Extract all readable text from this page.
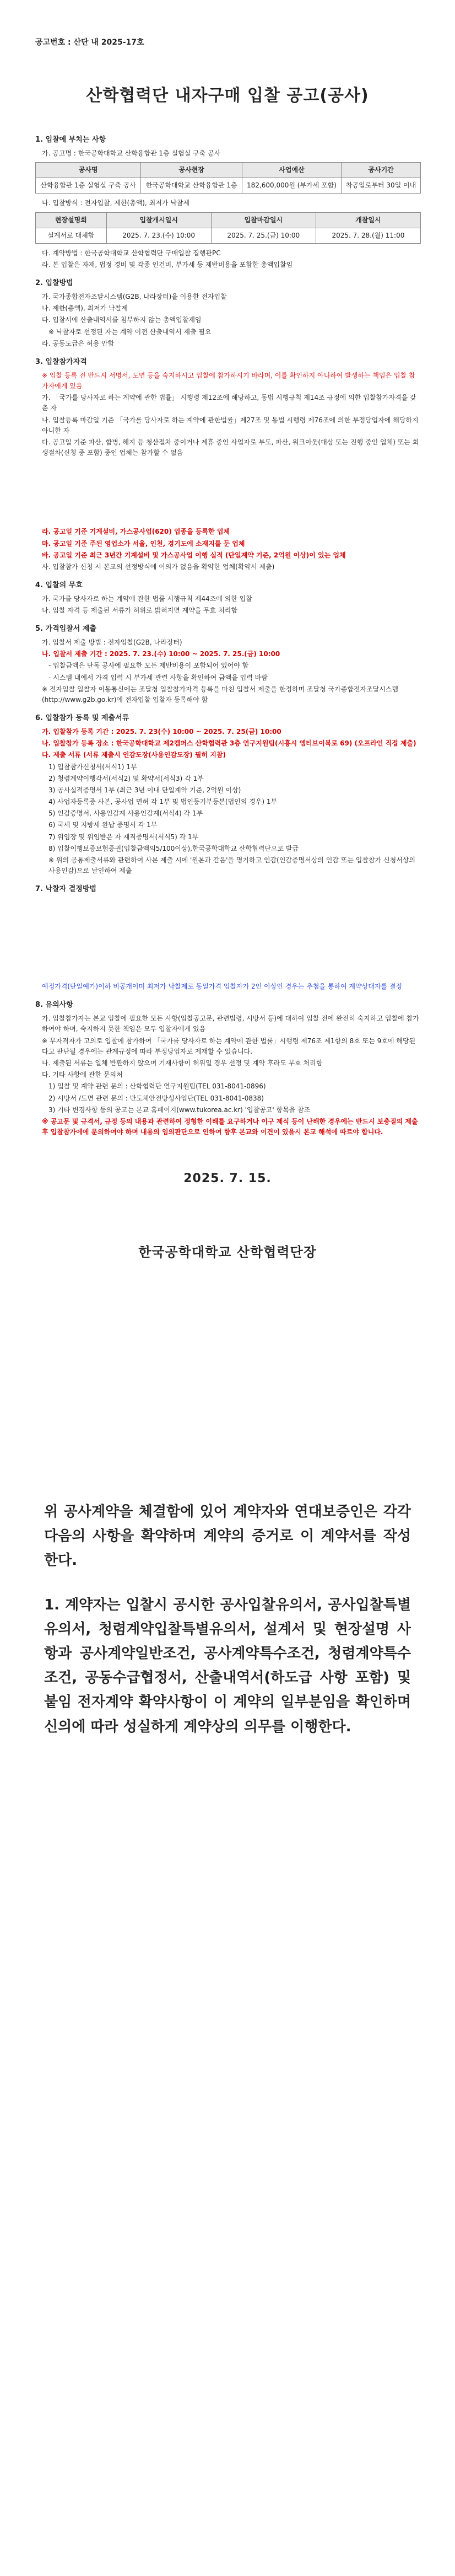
공고번호 : 산단 내 2025-17호
산학협력단 내자구매 입찰 공고(공사)
1. 입찰에 부치는 사항
가. 공고명 : 한국공학대학교 산학융합관 1층 실험실 구축 공사
공사명	공사현장	사업예산	공사기간
산학융합관 1층 실험실 구축 공사	한국공학대학교 산학융합관 1층	182,600,000원 (부가세 포함)	착공일로부터 30일 이내
나. 입찰방식 : 전자입찰, 제한(총액), 최저가 낙찰제
현장설명회	입찰개시일시	입찰마감일시	개찰일시
설계서로 대체함	2025. 7. 23.(수) 10:00	2025. 7. 25.(금) 10:00	2025. 7. 28.(월) 11:00
다. 계약방법 : 한국공학대학교 산학협력단 구매입찰 집행관PC
라. 본 입찰은 자재, 법정 경비 및 각종 인건비, 부가세 등 제반비용을 포함한 총액입찰임
2. 입찰방법
가. 국가종합전자조달시스템(G2B, 나라장터)을 이용한 전자입찰
나. 제한(총액), 최저가 낙찰제
다. 입찰서에 산출내역서를 첨부하지 않는 총액입찰제임
※ 낙찰자로 선정된 자는 계약 이전 산출내역서 제출 필요
라. 공동도급은 허용 안함
3. 입찰참가자격
※ 입찰 등록 전 반드시 서명서, 도면 등을 숙지하시고 입찰에 참가하시기 바라며, 이를 확인하지 아니하여 발생하는 책임은 입찰 참가자에게 있음
가. 「국가를 당사자로 하는 계약에 관한 법률」 시행령 제12조에 해당하고, 동법 시행규칙 제14조 규정에 의한 입찰참가자격을 갖춘 자
나. 입찰등록 마감일 기준 「국가를 당사자로 하는 계약에 관한법률」제27조 및 동법 시행령 제76조에 의한 부정당업자에 해당하지 아니한 자
다. 공고일 기준 파산, 합병, 해지 등 청산절차 중이거나 제휴 중인 사업자로 부도, 파산, 워크아웃(대상 또는 진행 중인 업체) 또는 회생절차(신청 중 포함) 중인 업체는 참가할 수 없음
라. 공고일 기준 기계설비, 가스공사업(620) 업종을 등록한 업체
마. 공고일 기준 주된 영업소가 서울, 인천, 경기도에 소재지를 둔 업체
바. 공고일 기준 최근 3년간 기계설비 및 가스공사업 이행 실적 (단일계약 기준, 2억원 이상)이 있는 업체
사. 입찰참가 신청 시 본교의 선정방식에 이의가 없음을 확약한 업체(확약서 제출)
4. 입찰의 무효
가. 국가를 당사자로 하는 계약에 관한 법률 시행규칙 제44조에 의한 입찰
나. 입찰 자격 등 제출된 서류가 허위로 밝혀지면 계약을 무효 처리함
5. 가격입찰서 제출
가. 입찰서 제출 방법 : 전자입찰(G2B, 나라장터)
나. 입찰서 제출 기간 : 2025. 7. 23.(수) 10:00 ~ 2025. 7. 25.(금) 10:00
- 입찰금액은 단독 공사에 필요한 모든 제반비용이 포함되어 있어야 함
- 시스템 내에서 가격 입력 시 부가세 관련 사항을 확인하여 금액을 입력 바람
※ 전자입찰 입찰자 이동통신에는 조달청 입찰참가자격 등록을 마친 입찰서 제출을 한정하며 조달청 국가종합전자조달시스템(http://www.g2b.go.kr)에 전자입찰 입찰자 등록해야 함
6. 입찰참가 등록 및 제출서류
가. 입찰참가 등록 기간 : 2025. 7. 23(수) 10:00 ~ 2025. 7. 25(금) 10:00
나. 입찰참가 등록 장소 : 한국공학대학교 제2캠퍼스 산학협력관 3층 연구지원팀(시흥시 엠티브이북로 69) (오프라인 직접 제출)
다. 제출 서류 (서류 제출시 인감도장(사용인감도장) 필히 지참)
1) 입찰참가신청서(서식1) 1부
2) 청렴계약이행각서(서식2) 및 확약서(서식3) 각 1부
3) 공사실적증명서 1부 (최근 3년 이내 단일계약 기준, 2억원 이상)
4) 사업자등록증 사본, 공사업 면허 각 1부 및 법인등기부등본(법인의 경우) 1부
5) 인감증명서, 사용인감계 사용인감계(서식4) 각 1부
6) 국세 및 지방세 완납 증명서 각 1부
7) 위임장 및 위임받은 자 재직증명서(서식5) 각 1부
8) 입찰이행보증보험증권(입찰금액의5/100이상),한국공학대학교 산학협력단으로 발급
※ 위의 공통제출서류와 관련하여 사본 제출 시에 '원본과 같음'을 명기하고 인감(인감증명서상의 인감 또는 입찰참가 신청서상의 사용인감)으로 날인하여 제출
7. 낙찰자 결정방법
예정가격(단일예가)이하 비공개이며 최저가 낙찰제로 동일가격 입찰자가 2인 이상인 경우는 추첨을 통하여 계약상대자를 결정
8. 유의사항
가. 입찰참가자는 본교 입찰에 필요한 모든 사항(입찰공고문, 관련법령, 시방서 등)에 대하여 입찰 전에 완전히 숙지하고 입찰에 참가하여야 하며, 숙지하지 못한 책임은 모두 입찰자에게 있음
※ 무자격자가 고의로 입찰에 참가하여 「국가를 당사자로 하는 계약에 관한 법률」시행령 제76조 제1항의 8호 또는 9호에 해당된다고 판단될 경우에는 관계규정에 따라 부정당업자로 제재할 수 있습니다.
나. 제출된 서류는 일체 반환하지 않으며 기재사항이 허위일 경우 선정 및 계약 후라도 무효 처리함
다. 기타 사항에 관한 문의처
1) 입찰 및 계약 관련 문의 : 산학협력단 연구지원팀(TEL 031-8041-0896)
2) 시방서 /도면 관련 문의 : 반도체안전방성사업단(TEL 031-8041-0838)
3) 기타 변경사항 등의 공고는 본교 홈페이지(www.tukorea.ac.kr) '입찰공고' 항목을 참조
※ 공고문 및 규격서, 규정 등의 내용과 관련하여 정형한 이해를 요구하거나 이구 제식 등이 난해한 경우에는 반드시 보충질의 제출 후 입찰참가에에 문의하여야 하며 내용의 임의판단으로 인하여 향후 본교와 이견이 있을시 본교 해석에 따르야 합니다.
2025. 7. 15.
한국공학대학교 산학협력단장

위 공사계약을 체결함에 있어 계약자와 연대보증인은 각각 다음의 사항을 확약하며 계약의 증거로 이 계약서를 작성한다.

1. 계약자는 입찰시 공시한 공사입찰유의서, 공사입찰특별유의서, 청렴계약입찰특별유의서, 설계서 및 현장설명 사항과 공사계약일반조건, 공사계약특수조건, 청렴계약특수조건, 공동수급협정서, 산출내역서(하도급 사항 포함) 및 붙임 전자계약 확약사항이 이 계약의 일부분임을 확인하며 신의에 따라 성실하게 계약상의 의무를 이행한다.
